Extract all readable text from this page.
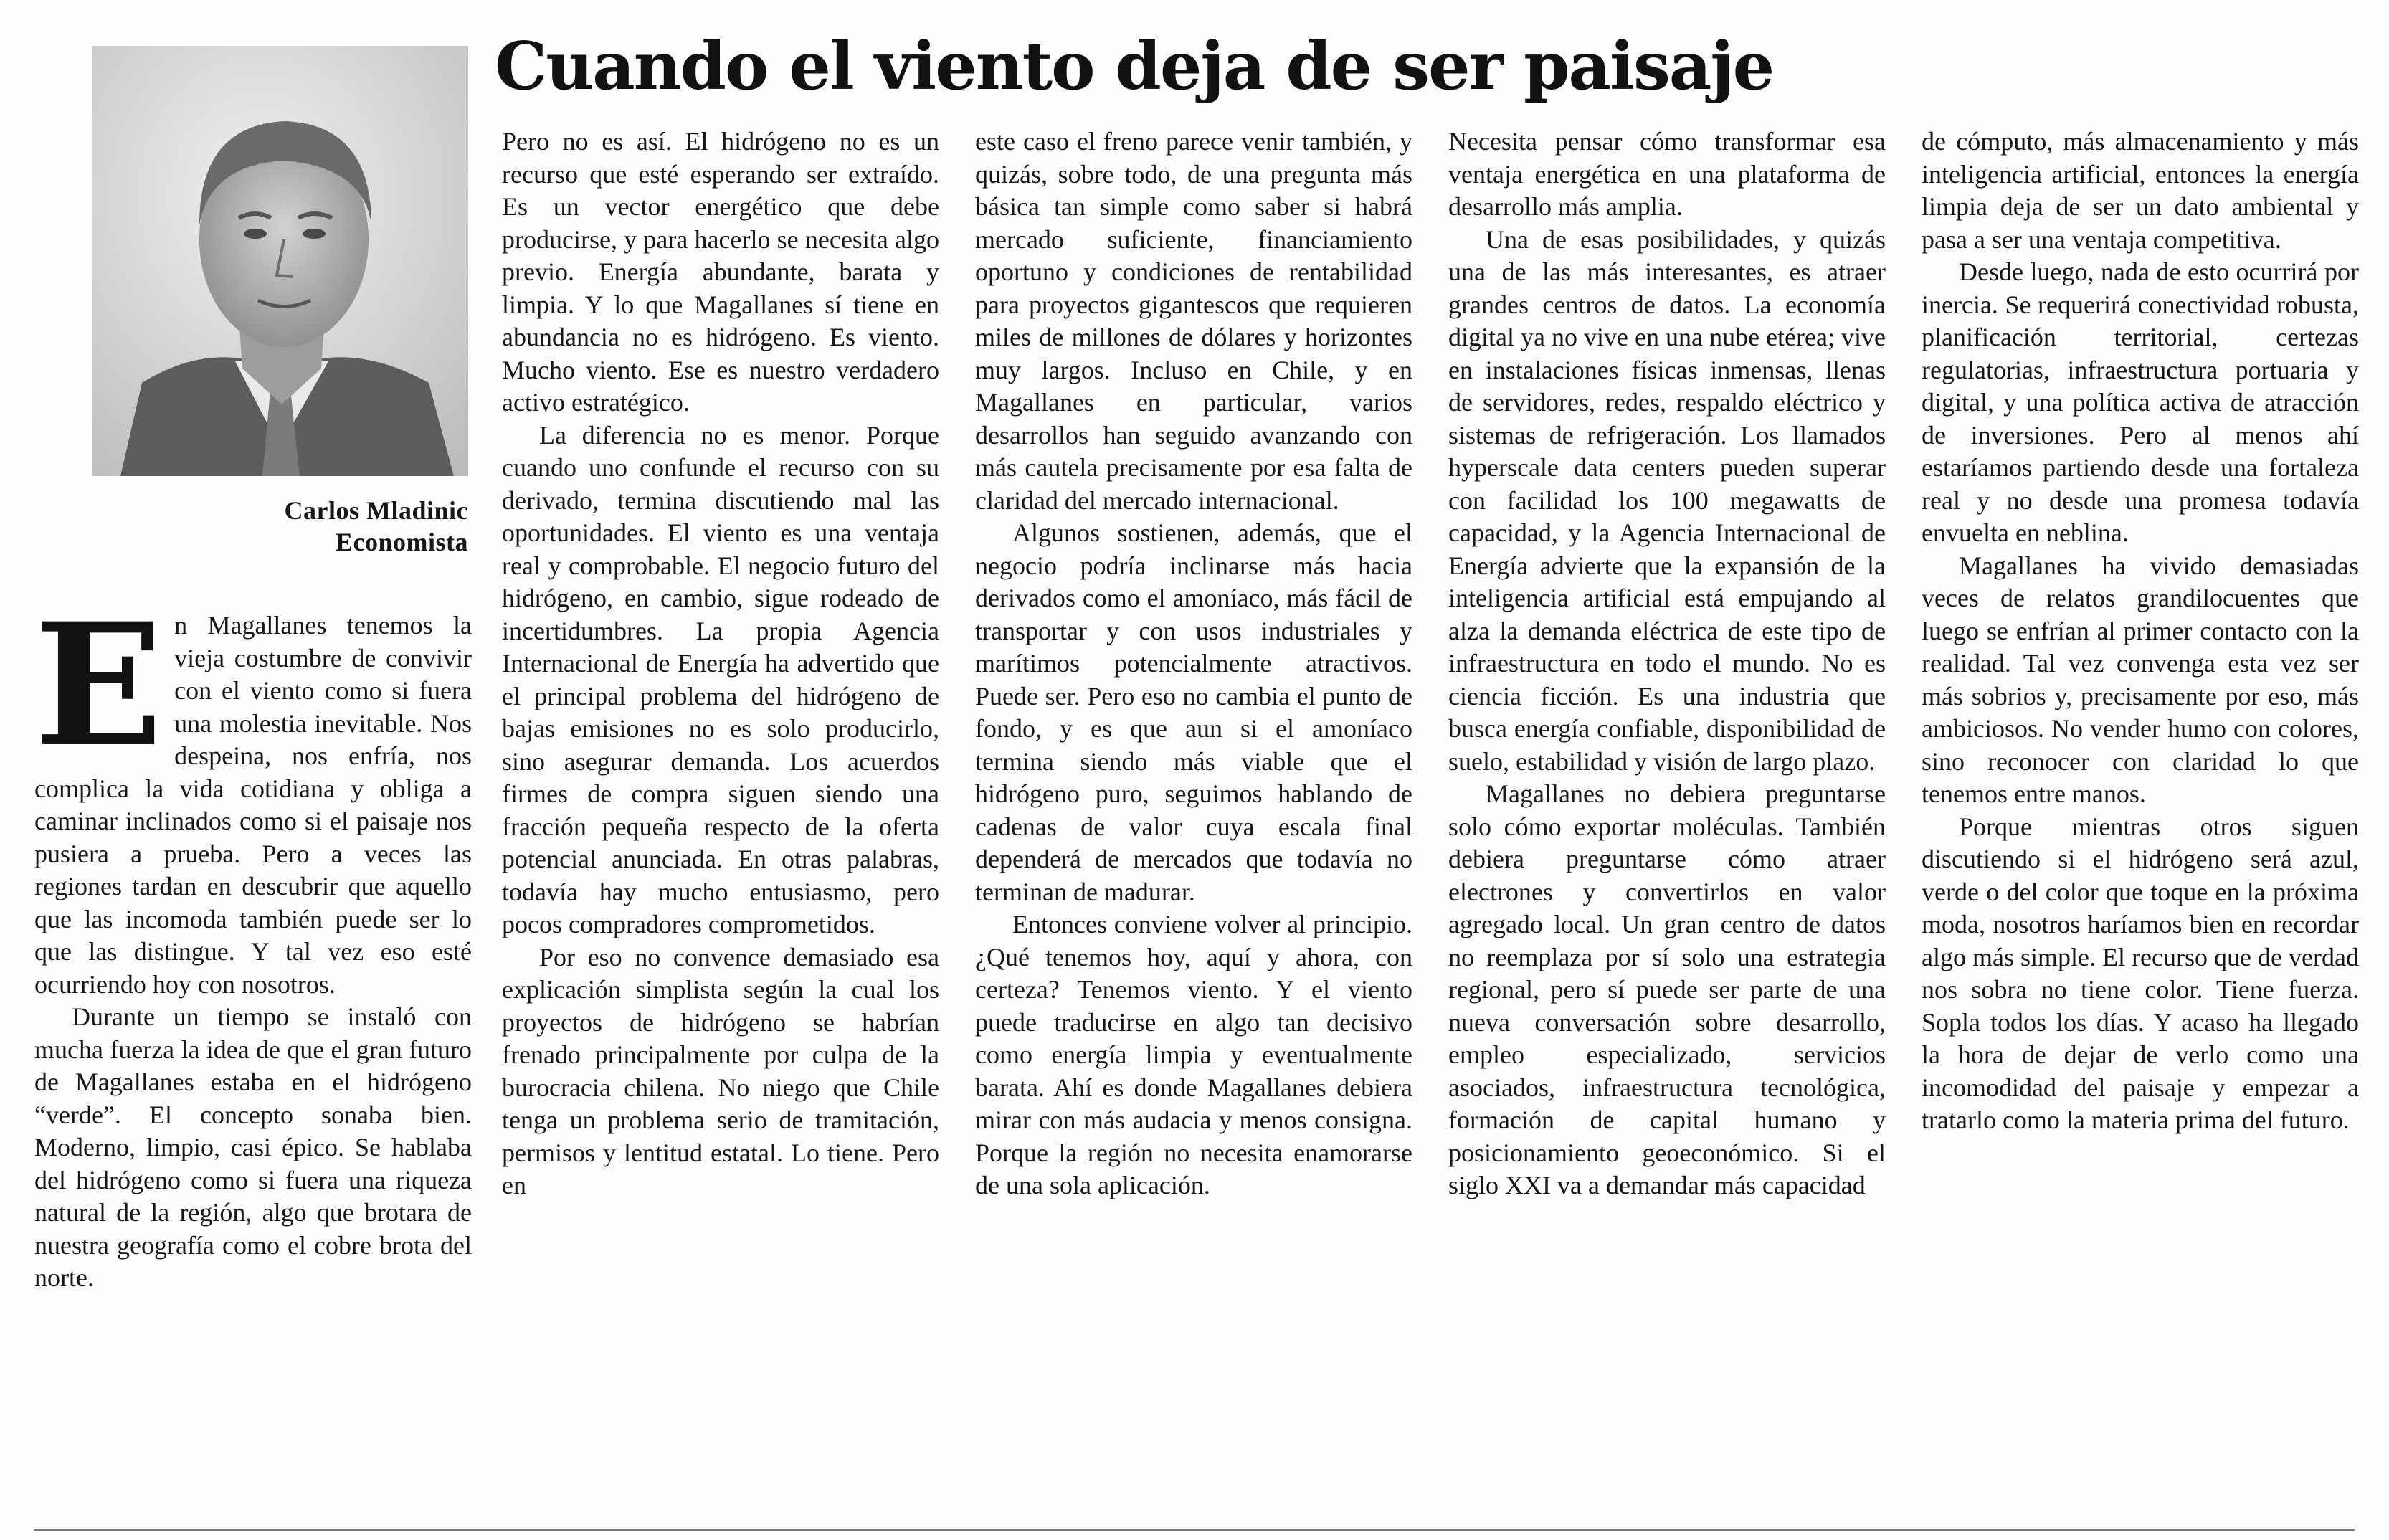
Cuando el viento deja de ser paisaje
Carlos Mladinic
Economista

En Magallanes tenemos la vieja costumbre de convivir con el viento como si fuera una molestia inevitable. Nos despeina, nos enfría, nos complica la vida cotidiana y obliga a caminar inclinados como si el paisaje nos pusiera a prueba. Pero a veces las regiones tardan en descubrir que aquello que las incomoda también puede ser lo que las distingue. Y tal vez eso esté ocurriendo hoy con nosotros.

Durante un tiempo se instaló con mucha fuerza la idea de que el gran futuro de Magallanes estaba en el hidrógeno “verde”. El concepto sonaba bien. Moderno, limpio, casi épico. Se hablaba del hidrógeno como si fuera una riqueza natural de la región, algo que brotara de nuestra geografía como el cobre brota del norte.

Pero no es así. El hidrógeno no es un recurso que esté esperando ser extraído. Es un vector energético que debe producirse, y para hacerlo se necesita algo previo. Energía abundante, barata y limpia. Y lo que Magallanes sí tiene en abundancia no es hidrógeno. Es viento. Mucho viento. Ese es nuestro verdadero activo estratégico.

La diferencia no es menor. Porque cuando uno confunde el recurso con su derivado, termina discutiendo mal las oportunidades. El viento es una ventaja real y comprobable. El negocio futuro del hidrógeno, en cambio, sigue rodeado de incertidumbres. La propia Agencia Internacional de Energía ha advertido que el principal problema del hidrógeno de bajas emisiones no es solo producirlo, sino asegurar demanda. Los acuerdos firmes de compra siguen siendo una fracción pequeña respecto de la oferta potencial anunciada. En otras palabras, todavía hay mucho entusiasmo, pero pocos compradores comprometidos.

Por eso no convence demasiado esa explicación simplista según la cual los proyectos de hidrógeno se habrían frenado principalmente por culpa de la burocracia chilena. No niego que Chile tenga un problema serio de tramitación, permisos y lentitud estatal. Lo tiene. Pero en

este caso el freno parece venir también, y quizás, sobre todo, de una pregunta más básica tan simple como saber si habrá mercado suficiente, financiamiento oportuno y condiciones de rentabilidad para proyectos gigantescos que requieren miles de millones de dólares y horizontes muy largos. Incluso en Chile, y en Magallanes en particular, varios desarrollos han seguido avanzando con más cautela precisamente por esa falta de claridad del mercado internacional.

Algunos sostienen, además, que el negocio podría inclinarse más hacia derivados como el amoníaco, más fácil de transportar y con usos industriales y marítimos potencialmente atractivos. Puede ser. Pero eso no cambia el punto de fondo, y es que aun si el amoníaco termina siendo más viable que el hidrógeno puro, seguimos hablando de cadenas de valor cuya escala final dependerá de mercados que todavía no terminan de madurar.

Entonces conviene volver al principio. ¿Qué tenemos hoy, aquí y ahora, con certeza? Tenemos viento. Y el viento puede traducirse en algo tan decisivo como energía limpia y eventualmente barata. Ahí es donde Magallanes debiera mirar con más audacia y menos consigna. Porque la región no necesita enamorarse de una sola aplicación.

Necesita pensar cómo transformar esa ventaja energética en una plataforma de desarrollo más amplia.

Una de esas posibilidades, y quizás una de las más interesantes, es atraer grandes centros de datos. La economía digital ya no vive en una nube etérea; vive en instalaciones físicas inmensas, llenas de servidores, redes, respaldo eléctrico y sistemas de refrigeración. Los llamados hyperscale data centers pueden superar con facilidad los 100 megawatts de capacidad, y la Agencia Internacional de Energía advierte que la expansión de la inteligencia artificial está empujando al alza la demanda eléctrica de este tipo de infraestructura en todo el mundo. No es ciencia ficción. Es una industria que busca energía confiable, disponibilidad de suelo, estabilidad y visión de largo plazo.

Magallanes no debiera preguntarse solo cómo exportar moléculas. También debiera preguntarse cómo atraer electrones y convertirlos en valor agregado local. Un gran centro de datos no reemplaza por sí solo una estrategia regional, pero sí puede ser parte de una nueva conversación sobre desarrollo, empleo especializado, servicios asociados, infraestructura tecnológica, formación de capital humano y posicionamiento geoeconómico. Si el siglo XXI va a demandar más capacidad

de cómputo, más almacenamiento y más inteligencia artificial, entonces la energía limpia deja de ser un dato ambiental y pasa a ser una ventaja competitiva.

Desde luego, nada de esto ocurrirá por inercia. Se requerirá conectividad robusta, planificación territorial, certezas regulatorias, infraestructura portuaria y digital, y una política activa de atracción de inversiones. Pero al menos ahí estaríamos partiendo desde una fortaleza real y no desde una promesa todavía envuelta en neblina.

Magallanes ha vivido demasiadas veces de relatos grandilocuentes que luego se enfrían al primer contacto con la realidad. Tal vez convenga esta vez ser más sobrios y, precisamente por eso, más ambiciosos. No vender humo con colores, sino reconocer con claridad lo que tenemos entre manos.

Porque mientras otros siguen discutiendo si el hidrógeno será azul, verde o del color que toque en la próxima moda, nosotros haríamos bien en recordar algo más simple. El recurso que de verdad nos sobra no tiene color. Tiene fuerza. Sopla todos los días. Y acaso ha llegado la hora de dejar de verlo como una incomodidad del paisaje y empezar a tratarlo como la materia prima del futuro.
